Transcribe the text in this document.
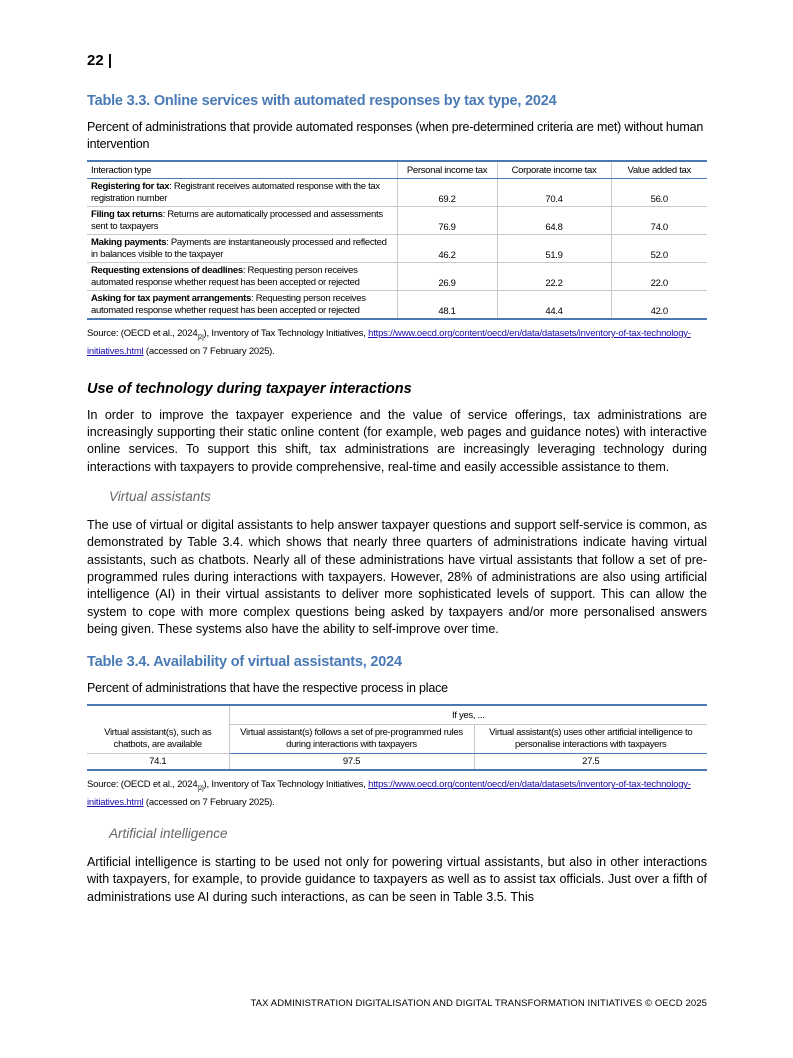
22 |
Table 3.3. Online services with automated responses by tax type, 2024
Percent of administrations that provide automated responses (when pre-determined criteria are met) without human intervention
Interaction type	Personal income tax	Corporate income tax	Value added tax
Registering for tax: Registrant receives automated response with the tax registration number	69.2	70.4	56.0
Filing tax returns: Returns are automatically processed and assessments sent to taxpayers	76.9	64.8	74.0
Making payments: Payments are instantaneously processed and reflected in balances visible to the taxpayer	46.2	51.9	52.0
Requesting extensions of deadlines: Requesting person receives automated response whether request has been accepted or rejected	26.9	22.2	22.0
Asking for tax payment arrangements: Requesting person receives automated response whether request has been accepted or rejected	48.1	44.4	42.0
Source: (OECD et al., $2024_{[2]}$), Inventory of Tax Technology Initiatives, https://www.oecd.org/content/oecd/en/data/datasets/inventory-of-tax-technology-initiatives.html (accessed on 7 February 2025).
Use of technology during taxpayer interactions

In order to improve the taxpayer experience and the value of service offerings, tax administrations are increasingly supporting their static online content (for example, web pages and guidance notes) with interactive online services. To support this shift, tax administrations are increasingly leveraging technology during interactions with taxpayers to provide comprehensive, real-time and easily accessible assistance to them.

Virtual assistants

The use of virtual or digital assistants to help answer taxpayer questions and support self-service is common, as demonstrated by Table 3.4. which shows that nearly three quarters of administrations indicate having virtual assistants, such as chatbots. Nearly all of these administrations have virtual assistants that follow a set of pre-programmed rules during interactions with taxpayers. However, 28% of administrations are also using artificial intelligence (AI) in their virtual assistants to deliver more sophisticated levels of support. This can allow the system to cope with more complex questions being asked by taxpayers and/or more personalised answers being given. These systems also have the ability to self-improve over time.

Table 3.4. Availability of virtual assistants, 2024
Percent of administrations that have the respective process in place
Virtual assistant(s), such as chatbots, are available	If yes, ...	
	Virtual assistant(s) follows a set of pre-programmed rules during interactions with taxpayers	Virtual assistant(s) uses other artificial intelligence to personalise interactions with taxpayers
74.1	97.5	27.5
Source: (OECD et al., $2024_{[2]}$), Inventory of Tax Technology Initiatives, https://www.oecd.org/content/oecd/en/data/datasets/inventory-of-tax-technology-initiatives.html (accessed on 7 February 2025).
Artificial intelligence

Artificial intelligence is starting to be used not only for powering virtual assistants, but also in other interactions with taxpayers, for example, to provide guidance to taxpayers as well as to assist tax officials. Just over a fifth of administrations use AI during such interactions, as can be seen in Table 3.5. This

TAX ADMINISTRATION DIGITALISATION AND DIGITAL TRANSFORMATION INITIATIVES © OECD 2025
